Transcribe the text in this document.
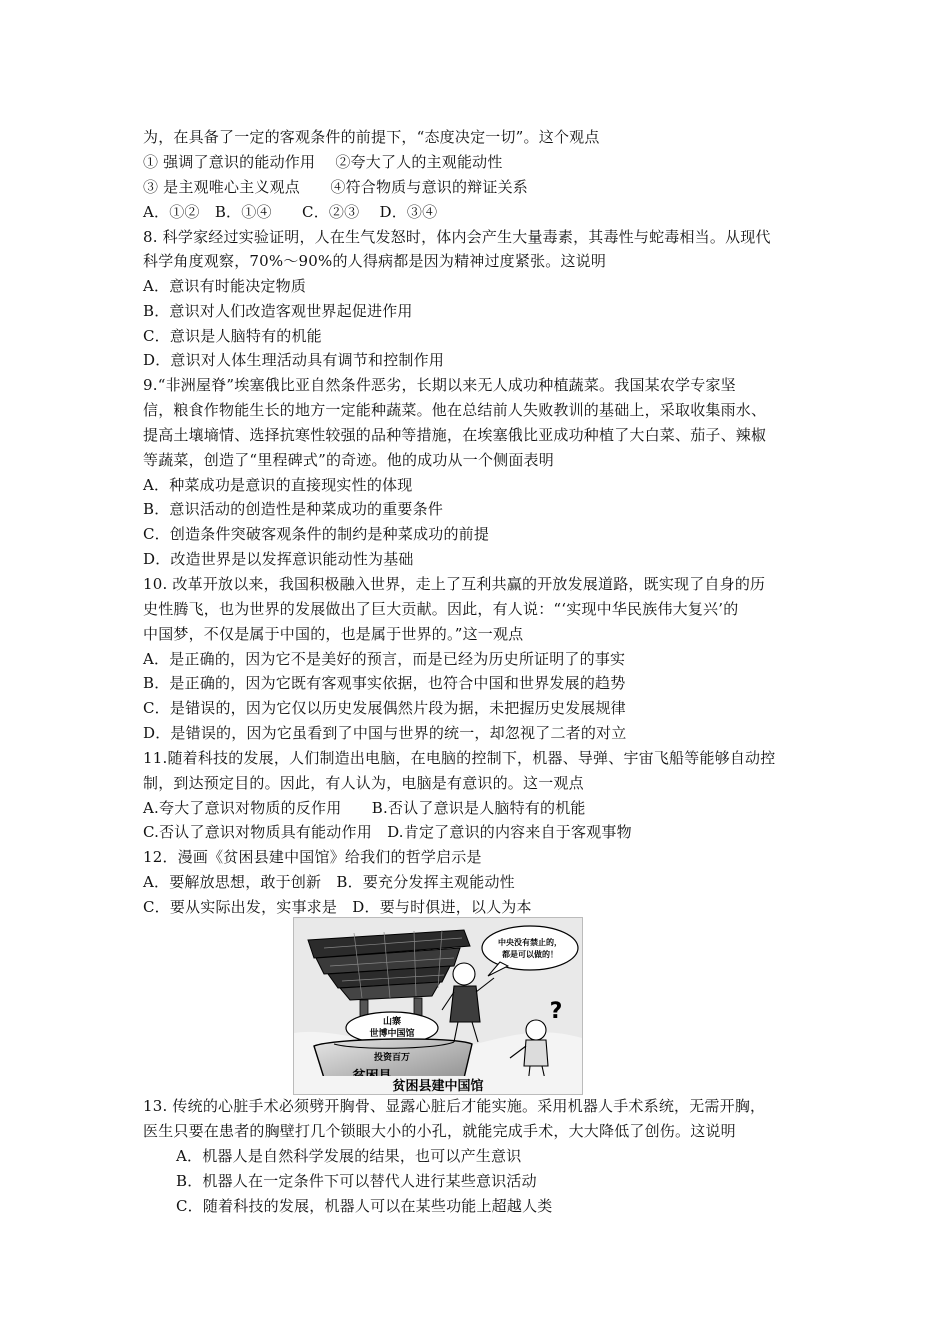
为，在具备了一定的客观条件的前提下，“态度决定一切”。这个观点
① 强调了意识的能动作用　 ②夸大了人的主观能动性
③ 是主观唯心主义观点　　④符合物质与意识的辩证关系
A．①②　B．①④　　C．②③　 D．③④
8. 科学家经过实验证明，人在生气发怒时，体内会产生大量毒素，其毒性与蛇毒相当。从现代
科学角度观察，70%～90%的人得病都是因为精神过度紧张。这说明
A．意识有时能决定物质
B．意识对人们改造客观世界起促进作用
C．意识是人脑特有的机能
D．意识对人体生理活动具有调节和控制作用
9.“非洲屋脊”埃塞俄比亚自然条件恶劣，长期以来无人成功种植蔬菜。我国某农学专家坚
信，粮食作物能生长的地方一定能种蔬菜。他在总结前人失败教训的基础上，采取收集雨水、
提高土壤墒情、选择抗寒性较强的品种等措施，在埃塞俄比亚成功种植了大白菜、茄子、辣椒
等蔬菜，创造了“里程碑式”的奇迹。他的成功从一个侧面表明
A．种菜成功是意识的直接现实性的体现
B．意识活动的创造性是种菜成功的重要条件
C．创造条件突破客观条件的制约是种菜成功的前提
D．改造世界是以发挥意识能动性为基础
10. 改革开放以来，我国积极融入世界，走上了互利共赢的开放发展道路，既实现了自身的历
史性腾飞，也为世界的发展做出了巨大贡献。因此，有人说：“‘实现中华民族伟大复兴’的
中国梦，不仅是属于中国的，也是属于世界的。”这一观点
A．是正确的，因为它不是美好的预言，而是已经为历史所证明了的事实
B．是正确的，因为它既有客观事实依据，也符合中国和世界发展的趋势
C．是错误的，因为它仅以历史发展偶然片段为据，未把握历史发展规律
D．是错误的，因为它虽看到了中国与世界的统一，却忽视了二者的对立
11.随着科技的发展，人们制造出电脑，在电脑的控制下，机器、导弹、宇宙飞船等能够自动控
制，到达预定目的。因此，有人认为，电脑是有意识的。这一观点
A.夸大了意识对物质的反作用　　B.否认了意识是人脑特有的机能
C.否认了意识对物质具有能动作用　D.肯定了意识的内容来自于客观事物
12．漫画《贫困县建中国馆》给我们的哲学启示是
A．要解放思想，敢于创新　B．要充分发挥主观能动性
C．要从实际出发，实事求是　D．要与时俱进，以人为本
山寨
世博中国馆
投资百万
中央没有禁止的，
都是可以做的！
?
贫困县建中国馆
13. 传统的心脏手术必须劈开胸骨、显露心脏后才能实施。采用机器人手术系统，无需开胸，
医生只要在患者的胸壁打几个锁眼大小的小孔，就能完成手术，大大降低了创伤。这说明
A．机器人是自然科学发展的结果，也可以产生意识
B．机器人在一定条件下可以替代人进行某些意识活动
C．随着科技的发展，机器人可以在某些功能上超越人类
